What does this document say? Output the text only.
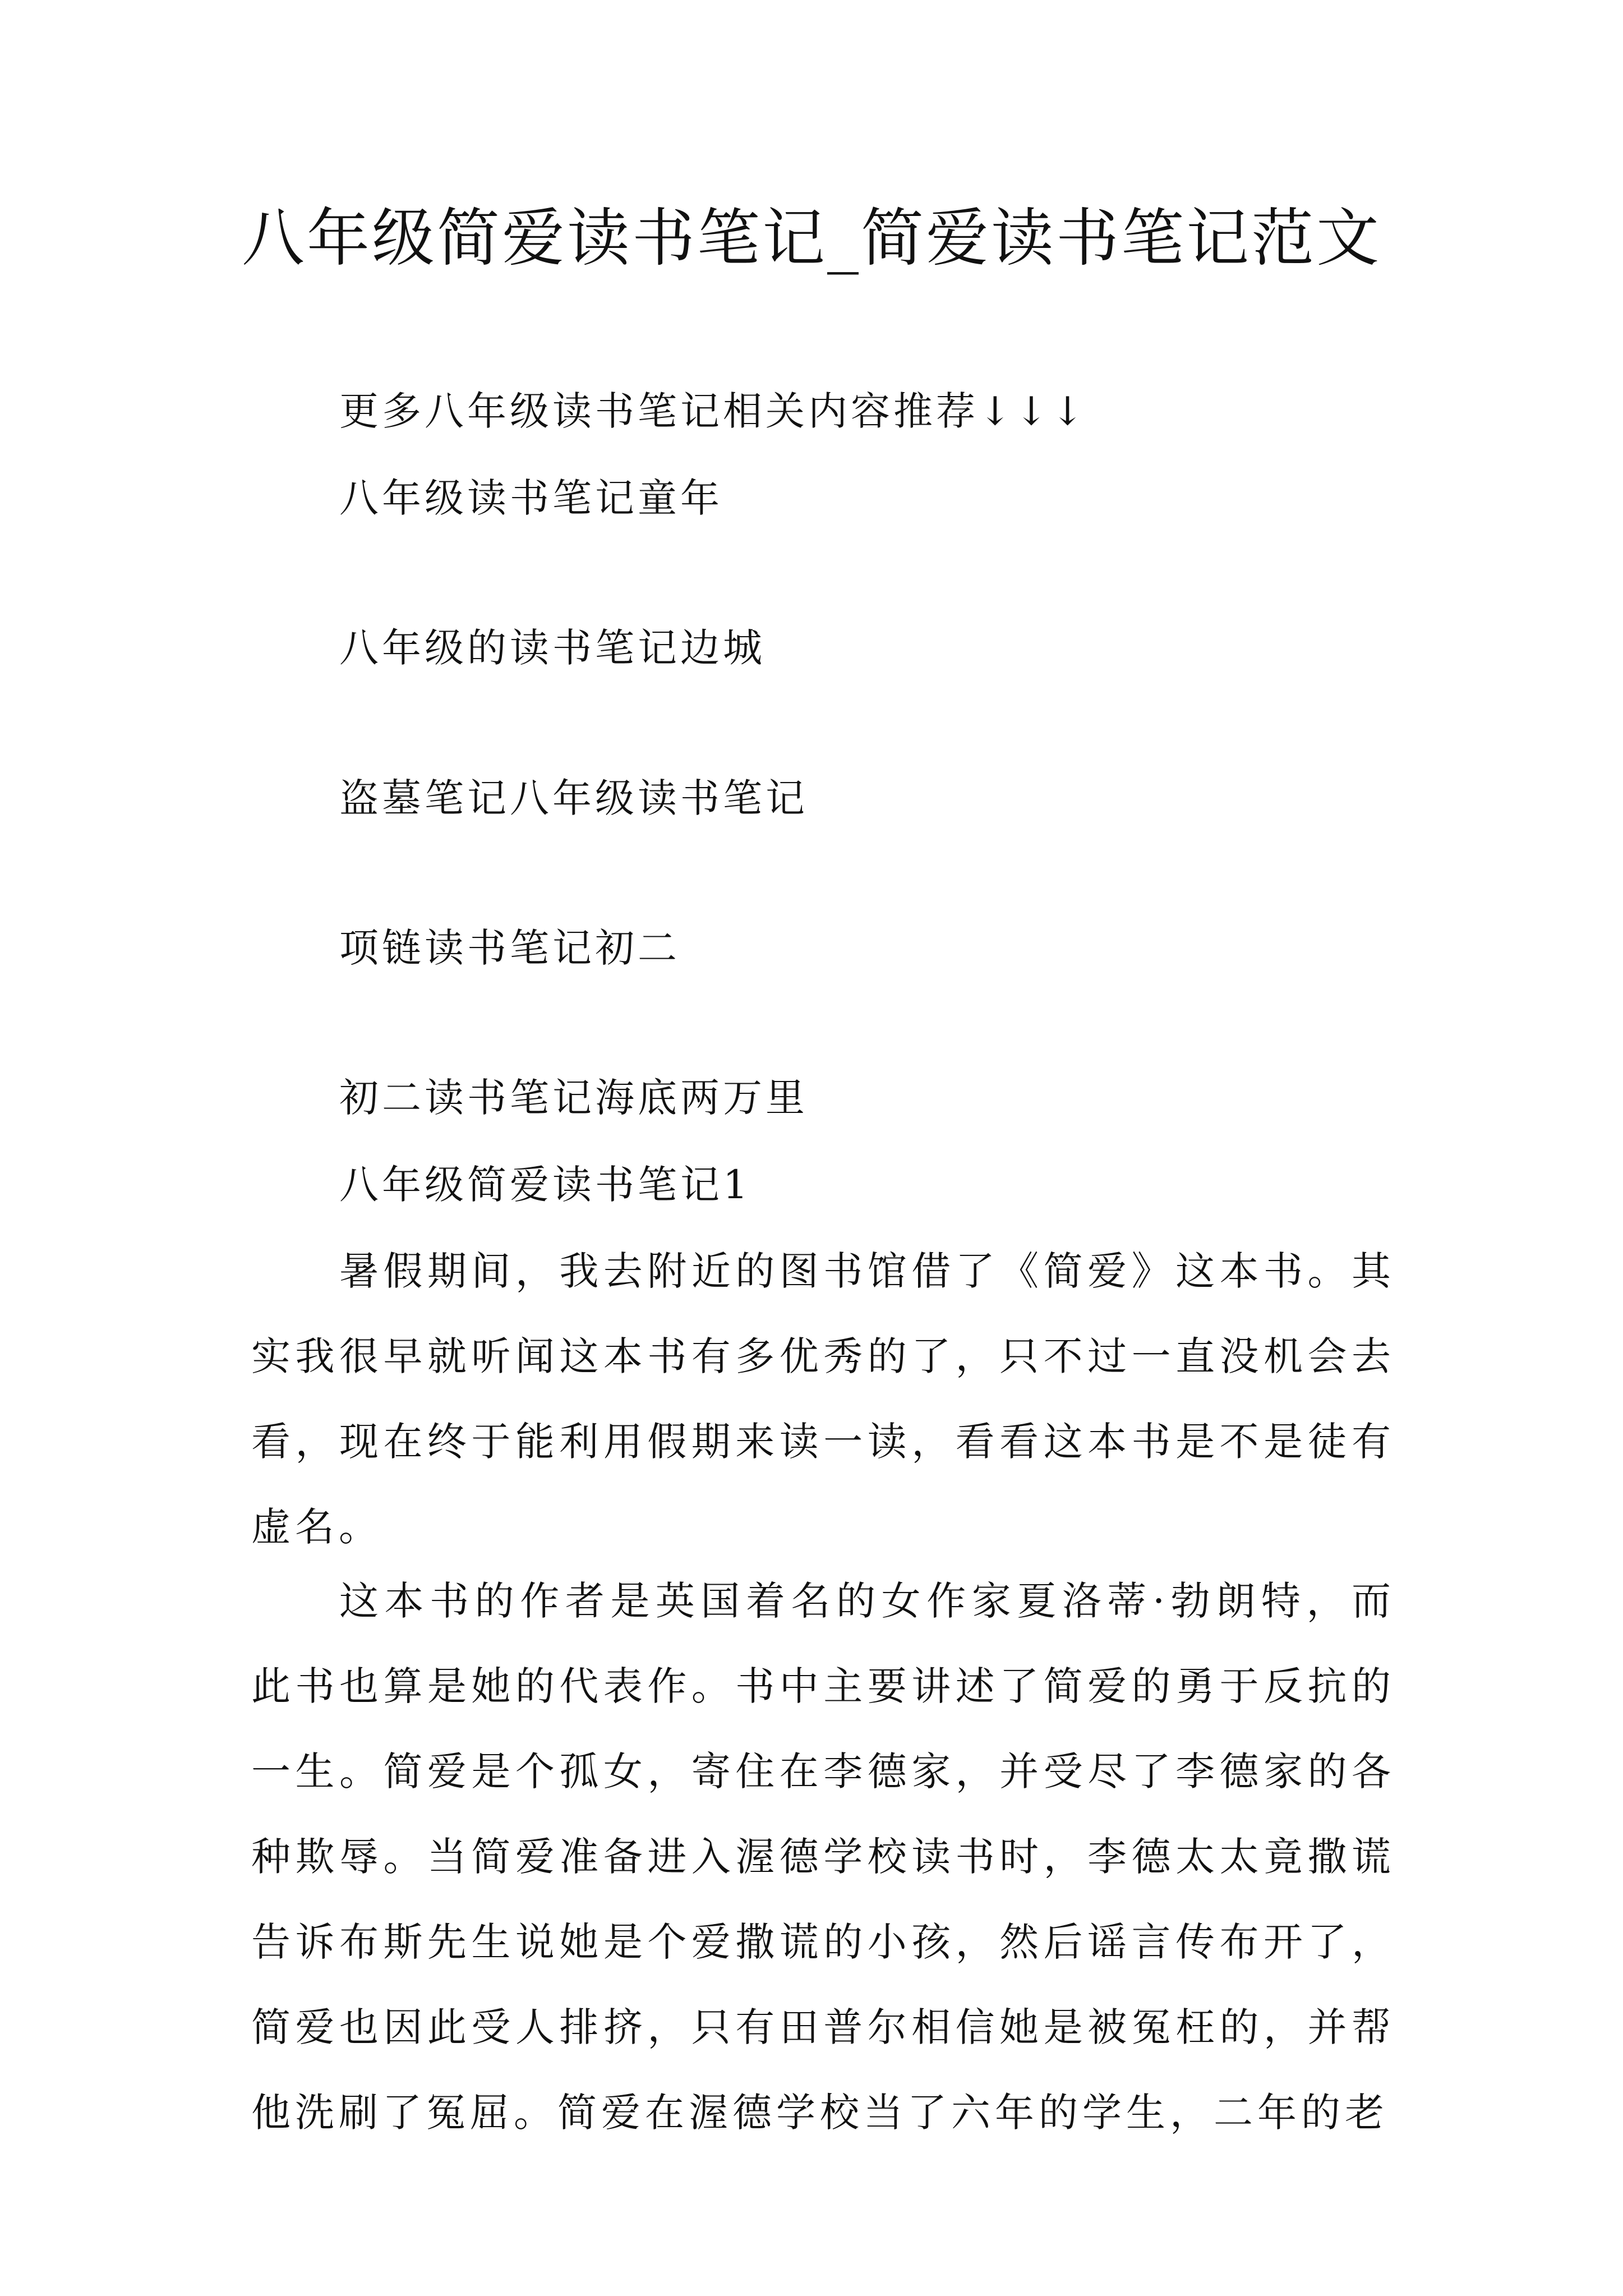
八年级简爱读书笔记_简爱读书笔记范文
更多八年级读书笔记相关内容推荐↓↓↓
八年级读书笔记童年
八年级的读书笔记边城
盗墓笔记八年级读书笔记
项链读书笔记初二
初二读书笔记海底两万里
八年级简爱读书笔记1

暑假期间，我去附近的图书馆借了《简爱》这本书。其实我很早就听闻这本书有多优秀的了，只不过一直没机会去看，现在终于能利用假期来读一读，看看这本书是不是徒有虚名。

这本书的作者是英国着名的女作家夏洛蒂·勃朗特，而此书也算是她的代表作。书中主要讲述了简爱的勇于反抗的一生。简爱是个孤女，寄住在李德家，并受尽了李德家的各种欺辱。当简爱准备进入渥德学校读书时，李德太太竟撒谎告诉布斯先生说她是个爱撒谎的小孩，然后谣言传布开了，简爱也因此受人排挤，只有田普尔相信她是被冤枉的，并帮他洗刷了冤屈。简爱在渥德学校当了六年的学生，二年的老
